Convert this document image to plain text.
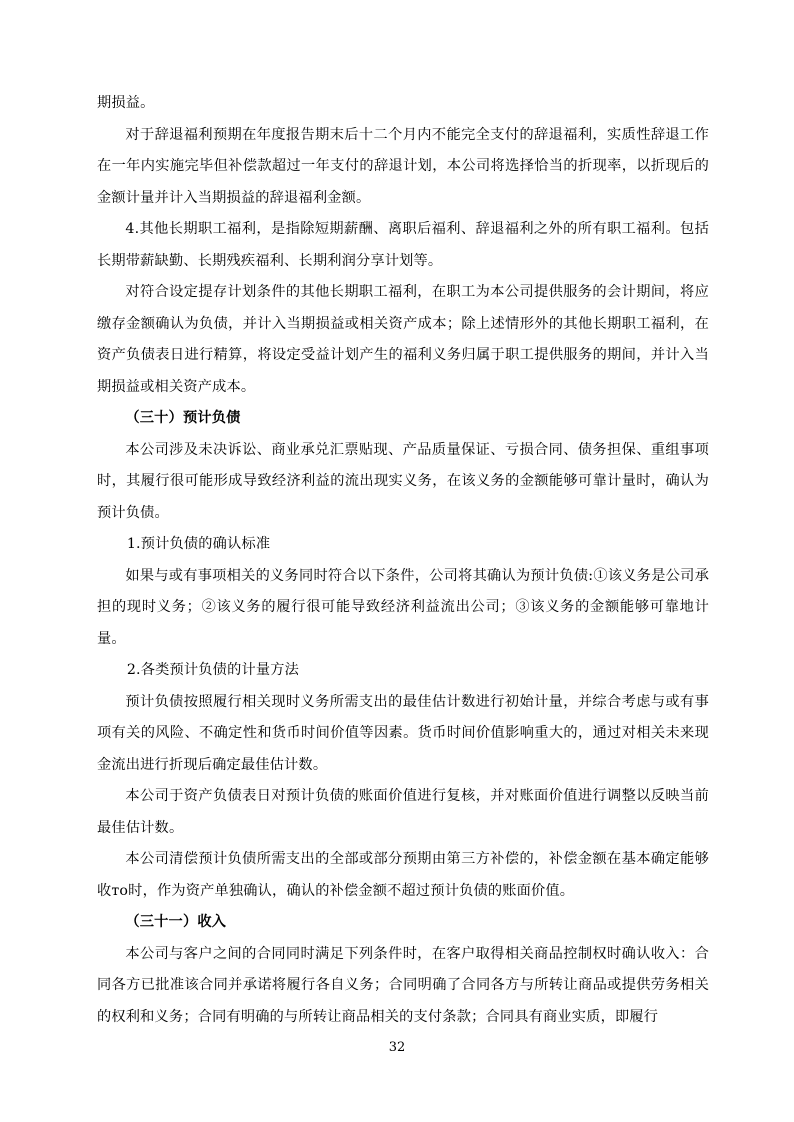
期损益。

对于辞退福利预期在年度报告期末后十二个月内不能完全支付的辞退福利，实质性辞退工作在一年内实施完毕但补偿款超过一年支付的辞退计划，本公司将选择恰当的折现率，以折现后的金额计量并计入当期损益的辞退福利金额。

4.其他长期职工福利，是指除短期薪酬、离职后福利、辞退福利之外的所有职工福利。包括长期带薪缺勤、长期残疾福利、长期利润分享计划等。

对符合设定提存计划条件的其他长期职工福利，在职工为本公司提供服务的会计期间，将应缴存金额确认为负债，并计入当期损益或相关资产成本；除上述情形外的其他长期职工福利，在资产负债表日进行精算，将设定受益计划产生的福利义务归属于职工提供服务的期间，并计入当期损益或相关资产成本。

（三十）预计负债

本公司涉及未决诉讼、商业承兑汇票贴现、产品质量保证、亏损合同、债务担保、重组事项时，其履行很可能形成导致经济利益的流出现实义务，在该义务的金额能够可靠计量时，确认为预计负债。

1.预计负债的确认标准

如果与或有事项相关的义务同时符合以下条件，公司将其确认为预计负债:①该义务是公司承担的现时义务；②该义务的履行很可能导致经济利益流出公司；③该义务的金额能够可靠地计量。

2.各类预计负债的计量方法

预计负债按照履行相关现时义务所需支出的最佳估计数进行初始计量，并综合考虑与或有事项有关的风险、不确定性和货币时间价值等因素。货币时间价值影响重大的，通过对相关未来现金流出进行折现后确定最佳估计数。

本公司于资产负债表日对预计负债的账面价值进行复核，并对账面价值进行调整以反映当前最佳估计数。

本公司清偿预计负债所需支出的全部或部分预期由第三方补偿的，补偿金额在基本确定能够收то时，作为资产单独确认，确认的补偿金额不超过预计负债的账面价值。

（三十一）收入

本公司与客户之间的合同同时满足下列条件时，在客户取得相关商品控制权时确认收入：合同各方已批准该合同并承诺将履行各自义务；合同明确了合同各方与所转让商品或提供劳务相关的权利和义务；合同有明确的与所转让商品相关的支付条款；合同具有商业实质，即履行

32
